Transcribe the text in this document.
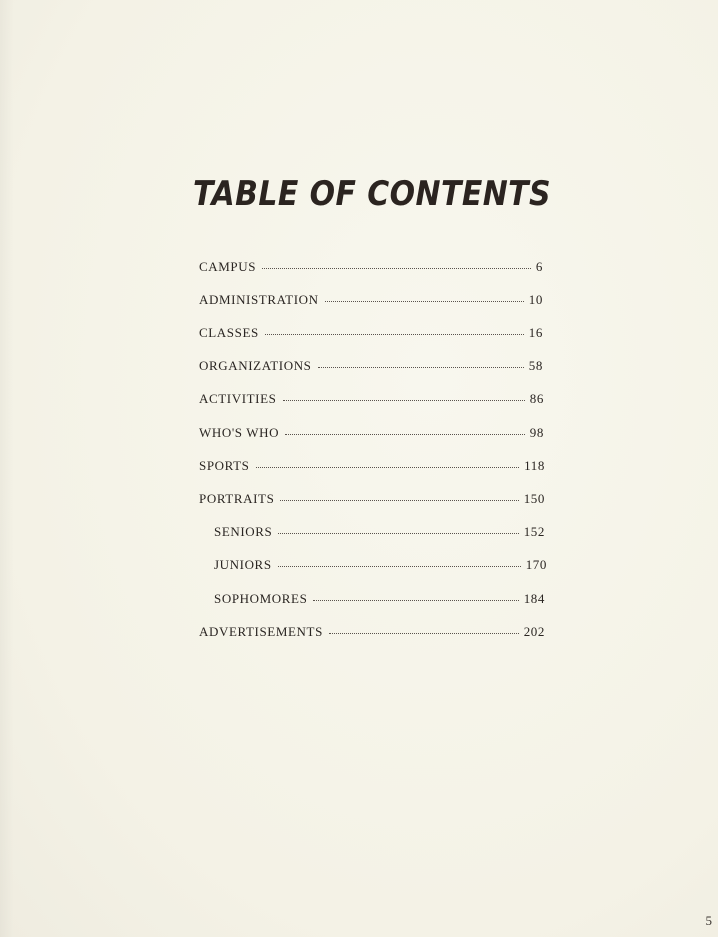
TABLE OF CONTENTS
CAMPUS	6
ADMINISTRATION	10
CLASSES	16
ORGANIZATIONS	58
ACTIVITIES	86
WHO'S WHO	98
SPORTS	118
PORTRAITS	150
SENIORS	152
JUNIORS	170
SOPHOMORES	184
ADVERTISEMENTS	202
5
